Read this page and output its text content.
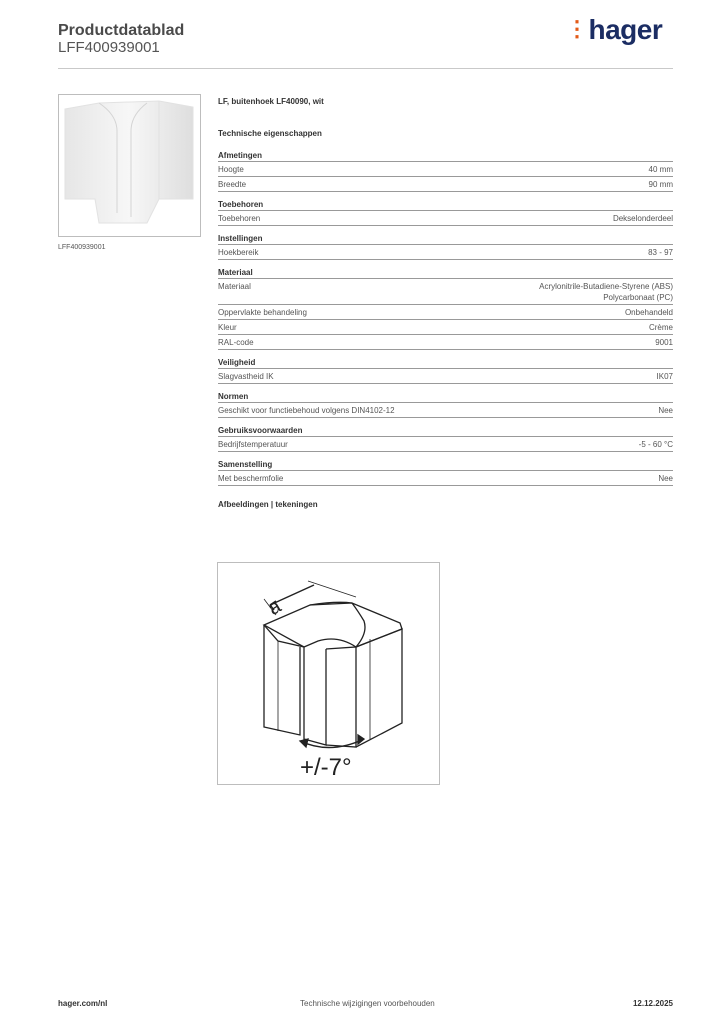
Productdatablad
LFF400939001
⋮hager
LFF400939001
LF, buitenhoek LF40090, wit
Technische eigenschappen
Afmetingen
Hoogte	40 mm
Breedte	90 mm
Toebehoren
Toebehoren	Dekselonderdeel
Instellingen
Hoekbereik	83 - 97
Materiaal
Materiaal	Acrylonitrile-Butadiene-Styrene (ABS)
Polycarbonaat (PC)
Oppervlakte behandeling	Onbehandeld
Kleur	Crème
RAL-code	9001
Veiligheid
Slagvastheid IK	IK07
Normen
Geschikt voor functiebehoud volgens DIN4102-12	Nee
Gebruiksvoorwaarden
Bedrijfstemperatuur	-5 - 60 °C
Samenstelling
Met beschermfolie	Nee
Afbeeldingen | tekeningen
a
+/-7°
hager.com/nl	Technische wijzigingen voorbehouden	12.12.2025
